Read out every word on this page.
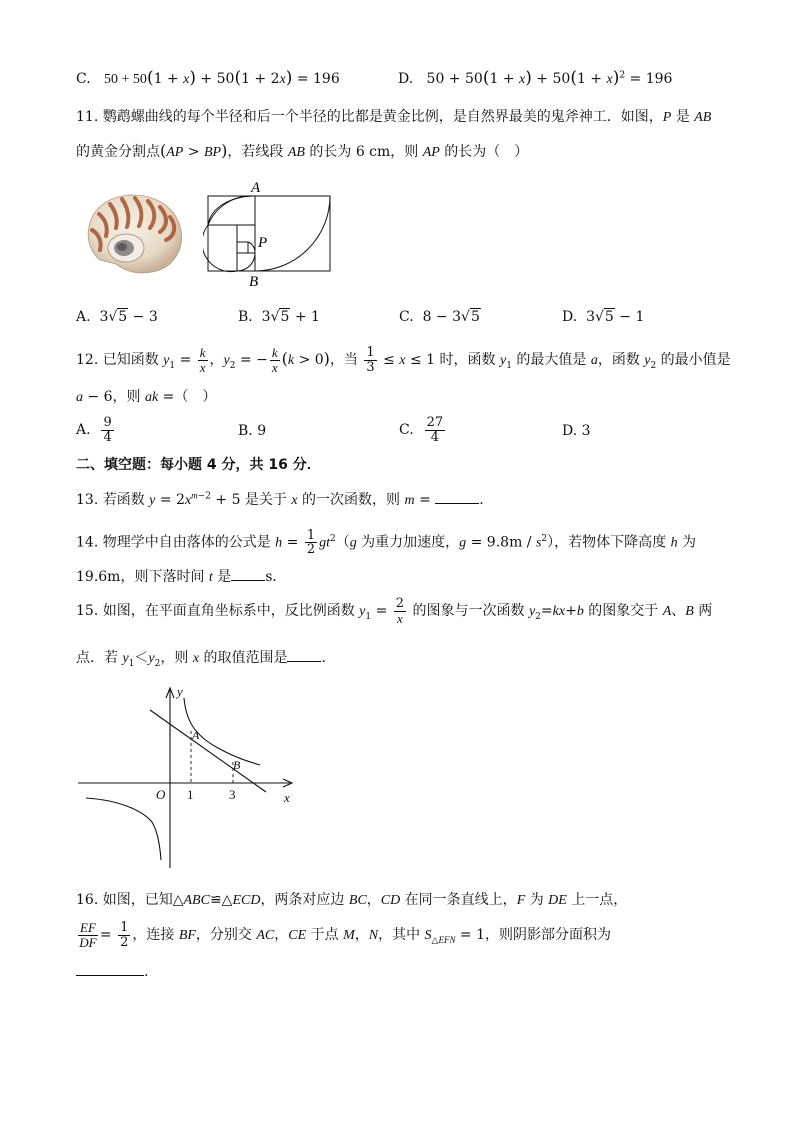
C. 50 + 50(1 + x) + 50(1 + 2x) = 196	D. $50 + 50(1 + x) + 50(1 + x)^2 = 196$
11. 鹦鹉螺曲线的每个半径和后一个半径的比都是黄金比例，是自然界最美的鬼斧神工．如图，P 是 AB
的黄金分割点(AP > BP)，若线段 AB 的长为 6 cm，则 AP 的长为（　）
A
P
B
A.  3√5 − 3	B.  3√5 + 1	C.  8 − 3√5	D.  3√5 − 1
12. 已知函数 $y_1 = \frac{k}{x}$ ，$y_2$ = − $\frac{k}{x} (k > 0)$，当 $\frac{1}{3} \le x \le 1$ 时，函数 $y_1$ 的最大值是 a，函数 $y_2$ 的最小值是
a − 6，则 ak =（　）
A. $\frac{9}{4}$	B. 9	C. $\frac{27}{4}$	D. 3
二、填空题：每小题 4 分，共 16 分．
13. 若函数 $y = 2x^{m-2} + 5$ 是关于 x 的一次函数，则 m =	.
14. 物理学中自由落体的公式是 $h = \frac{1}{2} gt^2(g$ 为重力加速度，$g = 9.8m / s^2$），若物体下降高度 h 为
19.6m，则下落时间 t 是 s．
15. 如图，在平面直角坐标系中，反比例函数 $y_1 = \frac{2}{x}$ 的图象与一次函数 $y_2=kx+b$ 的图象交于 A、B 两
点．若 $y_1<y_2$，则 x 的取值范围是 .
y
x
O
A
B
1	3
16. 如图，已知△ABC≌△ECD，两条对应边 BC，CD 在同一条直线上，F 为 DE 上一点，
$\frac{EF}{DF} = \frac{1}{2}$ ，连接 BF，分别交 AC，CE 于点 M，N，其中 $S_{\triangle EFN} = 1$，则阴影部分面积为
.
